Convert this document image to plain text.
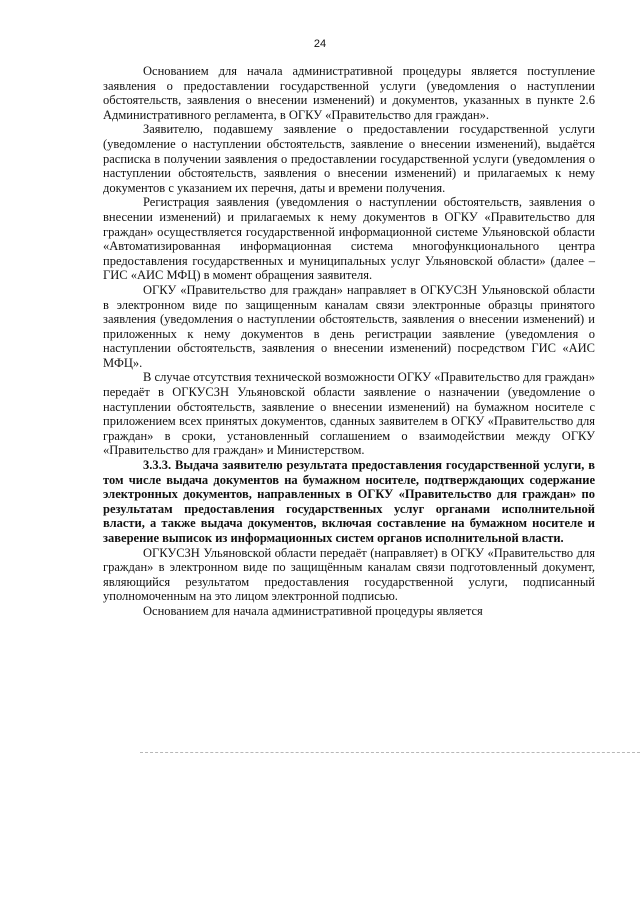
24

Основанием для начала административной процедуры является поступление заявления о предоставлении государственной услуги (уведомления о наступлении обстоятельств, заявления о внесении изменений) и документов, указанных в пункте 2.6 Административного регламента, в ОГКУ «Правительство для граждан».

Заявителю, подавшему заявление о предоставлении государственной услуги (уведомление о наступлении обстоятельств, заявление о внесении изменений), выдаётся расписка в получении заявления о предоставлении государственной услуги (уведомления о наступлении обстоятельств, заявления о внесении изменений) и прилагаемых к нему документов с указанием их перечня, даты и времени получения.

Регистрация заявления (уведомления о наступлении обстоятельств, заявления о внесении изменений) и прилагаемых к нему документов в ОГКУ «Правительство для граждан» осуществляется государственной информационной системе Ульяновской области «Автоматизированная информационная система многофункционального центра предоставления государственных и муниципальных услуг Ульяновской области» (далее – ГИС «АИС МФЦ) в момент обращения заявителя.

ОГКУ «Правительство для граждан» направляет в ОГКУСЗН Ульяновской области в электронном виде по защищенным каналам связи электронные образцы принятого заявления (уведомления о наступлении обстоятельств, заявления о внесении изменений) и приложенных к нему документов в день регистрации заявление (уведомления о наступлении обстоятельств, заявления о внесении изменений) посредством ГИС «АИС МФЦ».

В случае отсутствия технической возможности ОГКУ «Правительство для граждан» передаёт в ОГКУСЗН Ульяновской области заявление о назначении (уведомление о наступлении обстоятельств, заявление о внесении изменений) на бумажном носителе с приложением всех принятых документов, сданных заявителем в ОГКУ «Правительство для граждан» в сроки, установленный соглашением о взаимодействии между ОГКУ «Правительство для граждан» и Министерством.

3.3.3. Выдача заявителю результата предоставления государственной услуги, в том числе выдача документов на бумажном носителе, подтверждающих содержание электронных документов, направленных в ОГКУ «Правительство для граждан» по результатам предоставления государственных услуг органами исполнительной власти, а также выдача документов, включая составление на бумажном носителе и заверение выписок из информационных систем органов исполнительной власти.

ОГКУСЗН Ульяновской области передаёт (направляет) в ОГКУ «Правительство для граждан» в электронном виде по защищённым каналам связи подготовленный документ, являющийся результатом предоставления государственной услуги, подписанный уполномоченным на это лицом электронной подписью.

Основанием для начала административной процедуры является
